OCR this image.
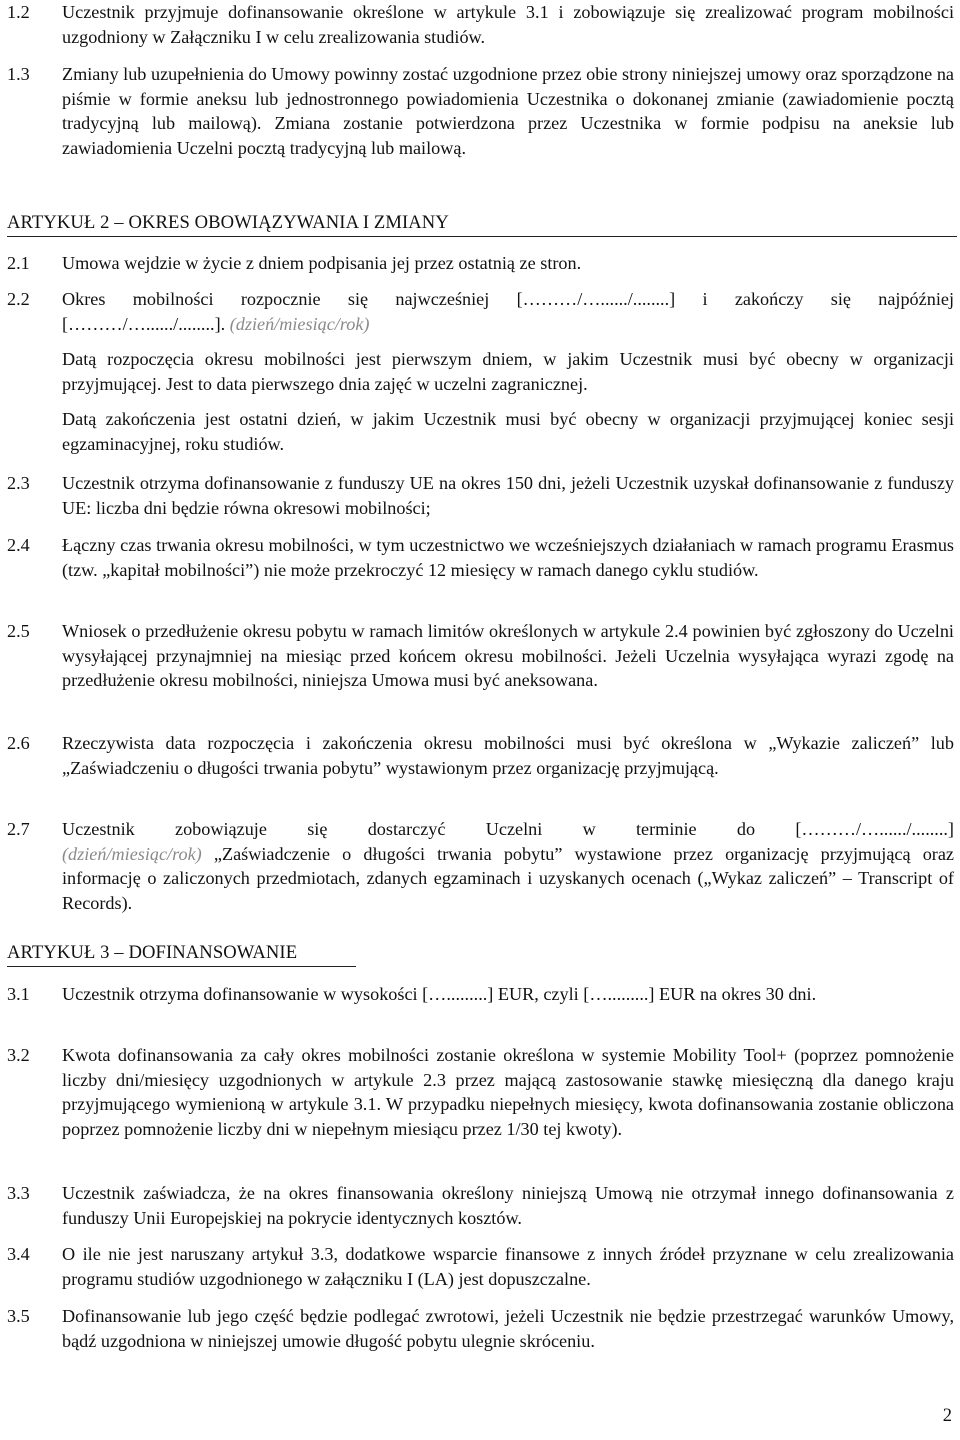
1.2	Uczestnik przyjmuje dofinansowanie określone w artykule 3.1 i zobowiązuje się zrealizować program mobilności uzgodniony w Załączniku I w celu zrealizowania studiów.

1.3	Zmiany lub uzupełnienia do Umowy powinny zostać uzgodnione przez obie strony niniejszej umowy oraz sporządzone na piśmie w formie aneksu lub jednostronnego powiadomienia Uczestnika o dokonanej zmianie (zawiadomienie pocztą tradycyjną lub mailową). Zmiana zostanie potwierdzona przez Uczestnika w formie podpisu na aneksie lub zawiadomienia Uczelni pocztą tradycyjną lub mailową.

ARTYKUŁ 2 – OKRES OBOWIĄZYWANIA I ZMIANY
2.1	Umowa wejdzie w życie z dniem podpisania jej przez ostatnią ze stron.

2.2	Okres mobilności rozpocznie się najwcześniej [………/…....../........] i zakończy się najpóźniej

[………/…....../........]. (dzień/miesiąc/rok)

Datą rozpoczęcia okresu mobilności jest pierwszym dniem, w jakim Uczestnik musi być obecny w organizacji przyjmującej. Jest to data pierwszego dnia zajęć w uczelni zagranicznej.

Datą zakończenia jest ostatni dzień, w jakim Uczestnik musi być obecny w organizacji przyjmującej koniec sesji egzaminacyjnej, roku studiów.

2.3	Uczestnik otrzyma dofinansowanie z funduszy UE na okres 150 dni, jeżeli Uczestnik uzyskał dofinansowanie z funduszy UE: liczba dni będzie równa okresowi mobilności;

2.4	Łączny czas trwania okresu mobilności, w tym uczestnictwo we wcześniejszych działaniach w ramach programu Erasmus (tzw. „kapitał mobilności”) nie może przekroczyć 12 miesięcy w ramach danego cyklu studiów.

2.5	Wniosek o przedłużenie okresu pobytu w ramach limitów określonych w artykule 2.4 powinien być zgłoszony do Uczelni wysyłającej przynajmniej na miesiąc przed końcem okresu mobilności. Jeżeli Uczelnia wysyłająca wyrazi zgodę na przedłużenie okresu mobilności, niniejsza Umowa musi być aneksowana.

2.6	Rzeczywista data rozpoczęcia i zakończenia okresu mobilności musi być określona w „Wykazie zaliczeń” lub „Zaświadczeniu o długości trwania pobytu” wystawionym przez organizację przyjmującą.

2.7	Uczestnik zobowiązuje się dostarczyć Uczelni w terminie do [………/…....../........]

(dzień/miesiąc/rok) „Zaświadczenie o długości trwania pobytu” wystawione przez organizację przyjmującą oraz informację o zaliczonych przedmiotach, zdanych egzaminach i uzyskanych ocenach („Wykaz zaliczeń” – Transcript of Records).

ARTYKUŁ 3 – DOFINANSOWANIE
3.1	Uczestnik otrzyma dofinansowanie w wysokości [….........] EUR, czyli [….........] EUR na okres 30 dni.

3.2	Kwota dofinansowania za cały okres mobilności zostanie określona w systemie Mobility Tool+ (poprzez pomnożenie liczby dni/miesięcy uzgodnionych w artykule 2.3 przez mającą zastosowanie stawkę miesięczną dla danego kraju przyjmującego wymienioną w artykule 3.1. W przypadku niepełnych miesięcy, kwota dofinansowania zostanie obliczona poprzez pomnożenie liczby dni w niepełnym miesiącu przez 1/30 tej kwoty).

3.3	Uczestnik zaświadcza, że na okres finansowania określony niniejszą Umową nie otrzymał innego dofinansowania z funduszy Unii Europejskiej na pokrycie identycznych kosztów.

3.4	O ile nie jest naruszany artykuł 3.3, dodatkowe wsparcie finansowe z innych źródeł przyznane w celu zrealizowania programu studiów uzgodnionego w załączniku I (LA) jest dopuszczalne.

3.5	Dofinansowanie lub jego część będzie podlegać zwrotowi, jeżeli Uczestnik nie będzie przestrzegać warunków Umowy, bądź uzgodniona w niniejszej umowie długość pobytu ulegnie skróceniu.

2
